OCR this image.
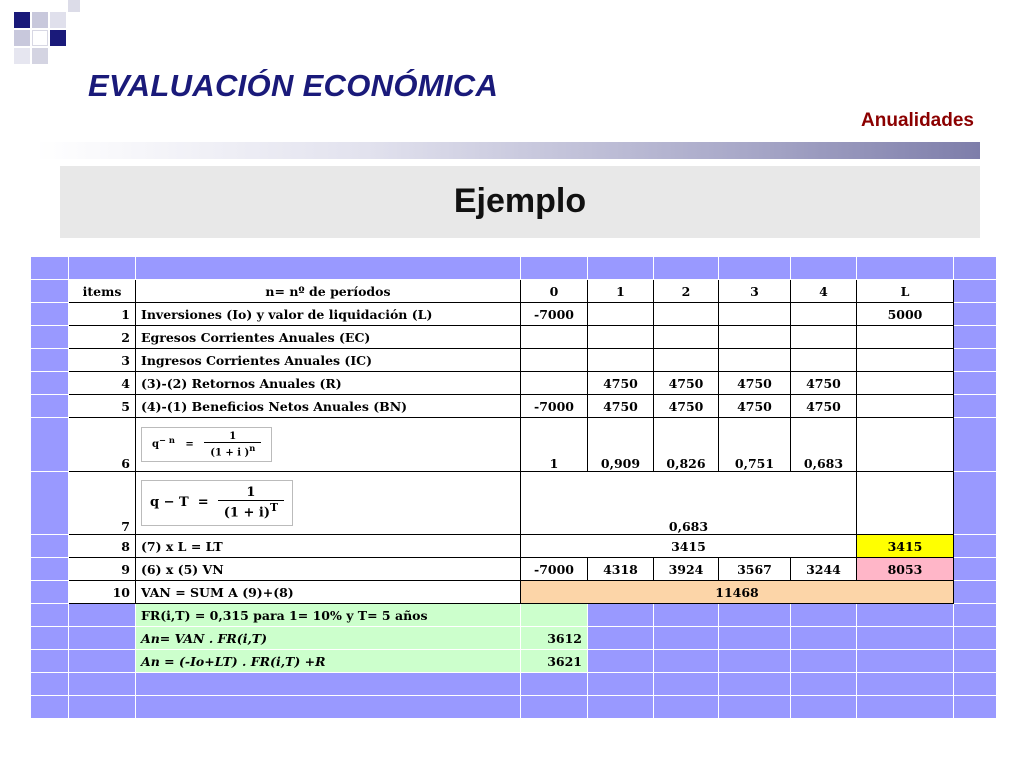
EVALUACIÓN ECONÓMICA
Anualidades
Ejemplo

	items	n= nº de períodos	0	1	2	3	4	L	
	1	Inversiones (Io) y valor de liquidación (L)	-7000					5000	
	2	Egresos Corrientes Anuales (EC)							
	3	Ingresos Corrientes Anuales (IC)							
	4	(3)-(2) Retornos Anuales (R)		4750	4750	4750	4750		
	5	(4)-(1) Beneficios Netos Anuales (BN)	-7000	4750	4750	4750	4750		
	6	$q^{- n} = \frac{1}{(1 + i )^n}$	1	0,909	0,826	0,751	0,683		
	7	$q - T = \frac{1}{(1 + i)^T}$	0,683						
	8	(7) x L = LT	3415					3415	
	9	(6) x (5) VN	-7000	4318	3924	3567	3244	8053	
	10	VAN = SUM A (9)+(8)	11468						
		FR(i,T) = 0,315 para 1= 10% y T= 5 años							
		An= VAN . FR(i,T)	3612						
		An = (-Io+LT) . FR(i,T) +R	3621						
